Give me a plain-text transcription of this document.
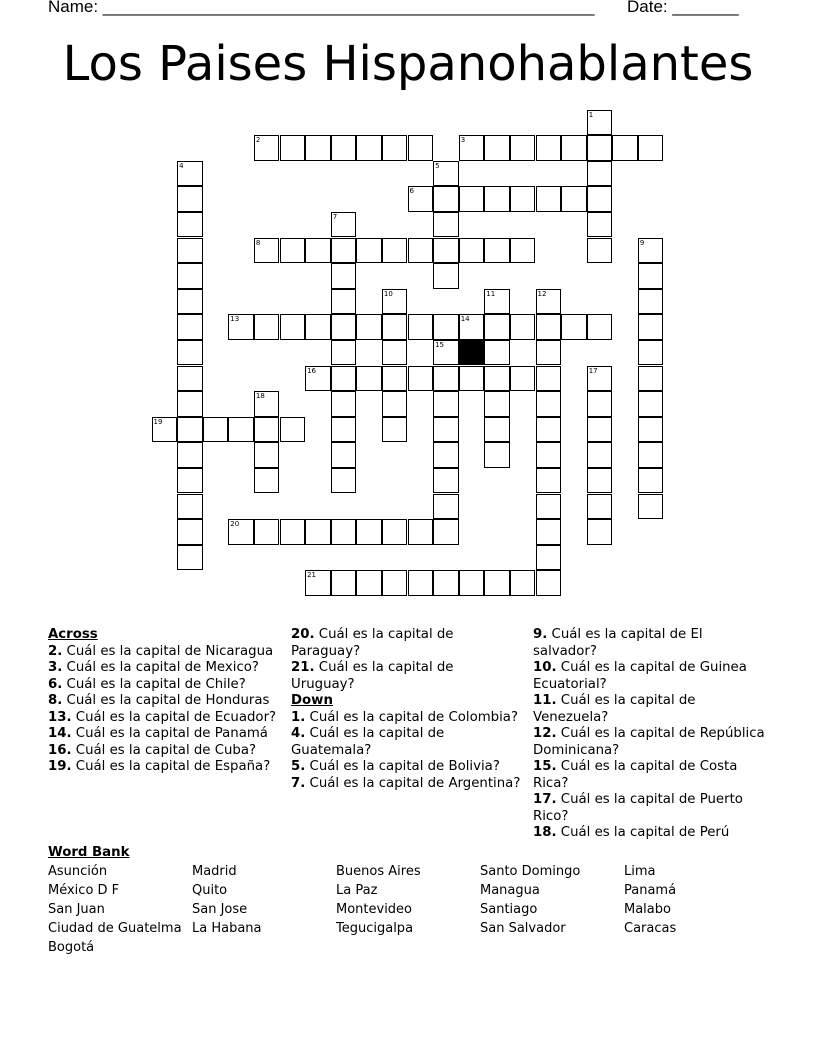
Name: ____________________________________________________ Date: _______
Los Paises Hispanohablantes
1
2	3
4	5
6
7
8	9
10	11	12
13	14
15
16	17
18
19
20
21
Across
2. Cuál es la capital de Nicaragua
3. Cuál es la capital de Mexico?
6. Cuál es la capital de Chile?
8. Cuál es la capital de Honduras
13. Cuál es la capital de Ecuador?
14. Cuál es la capital de Panamá
16. Cuál es la capital de Cuba?
19. Cuál es la capital de España?
20. Cuál es la capital de Paraguay?
21. Cuál es la capital de Uruguay?
Down
1. Cuál es la capital de Colombia?
4. Cuál es la capital de Guatemala?
5. Cuál es la capital de Bolivia?
7. Cuál es la capital de Argentina?
9. Cuál es la capital de El salvador?
10. Cuál es la capital de Guinea Ecuatorial?
11. Cuál es la capital de Venezuela?
12. Cuál es la capital de República Dominicana?
15. Cuál es la capital de Costa Rica?
17. Cuál es la capital de Puerto Rico?
18. Cuál es la capital de Perú
Word Bank
Asunción
México D F
San Juan
Ciudad de Guatelma
Bogotá
Madrid
Quito
San Jose
La Habana
Buenos Aires
La Paz
Montevideo
Tegucigalpa
Santo Domingo
Managua
Santiago
San Salvador
Lima
Panamá
Malabo
Caracas
